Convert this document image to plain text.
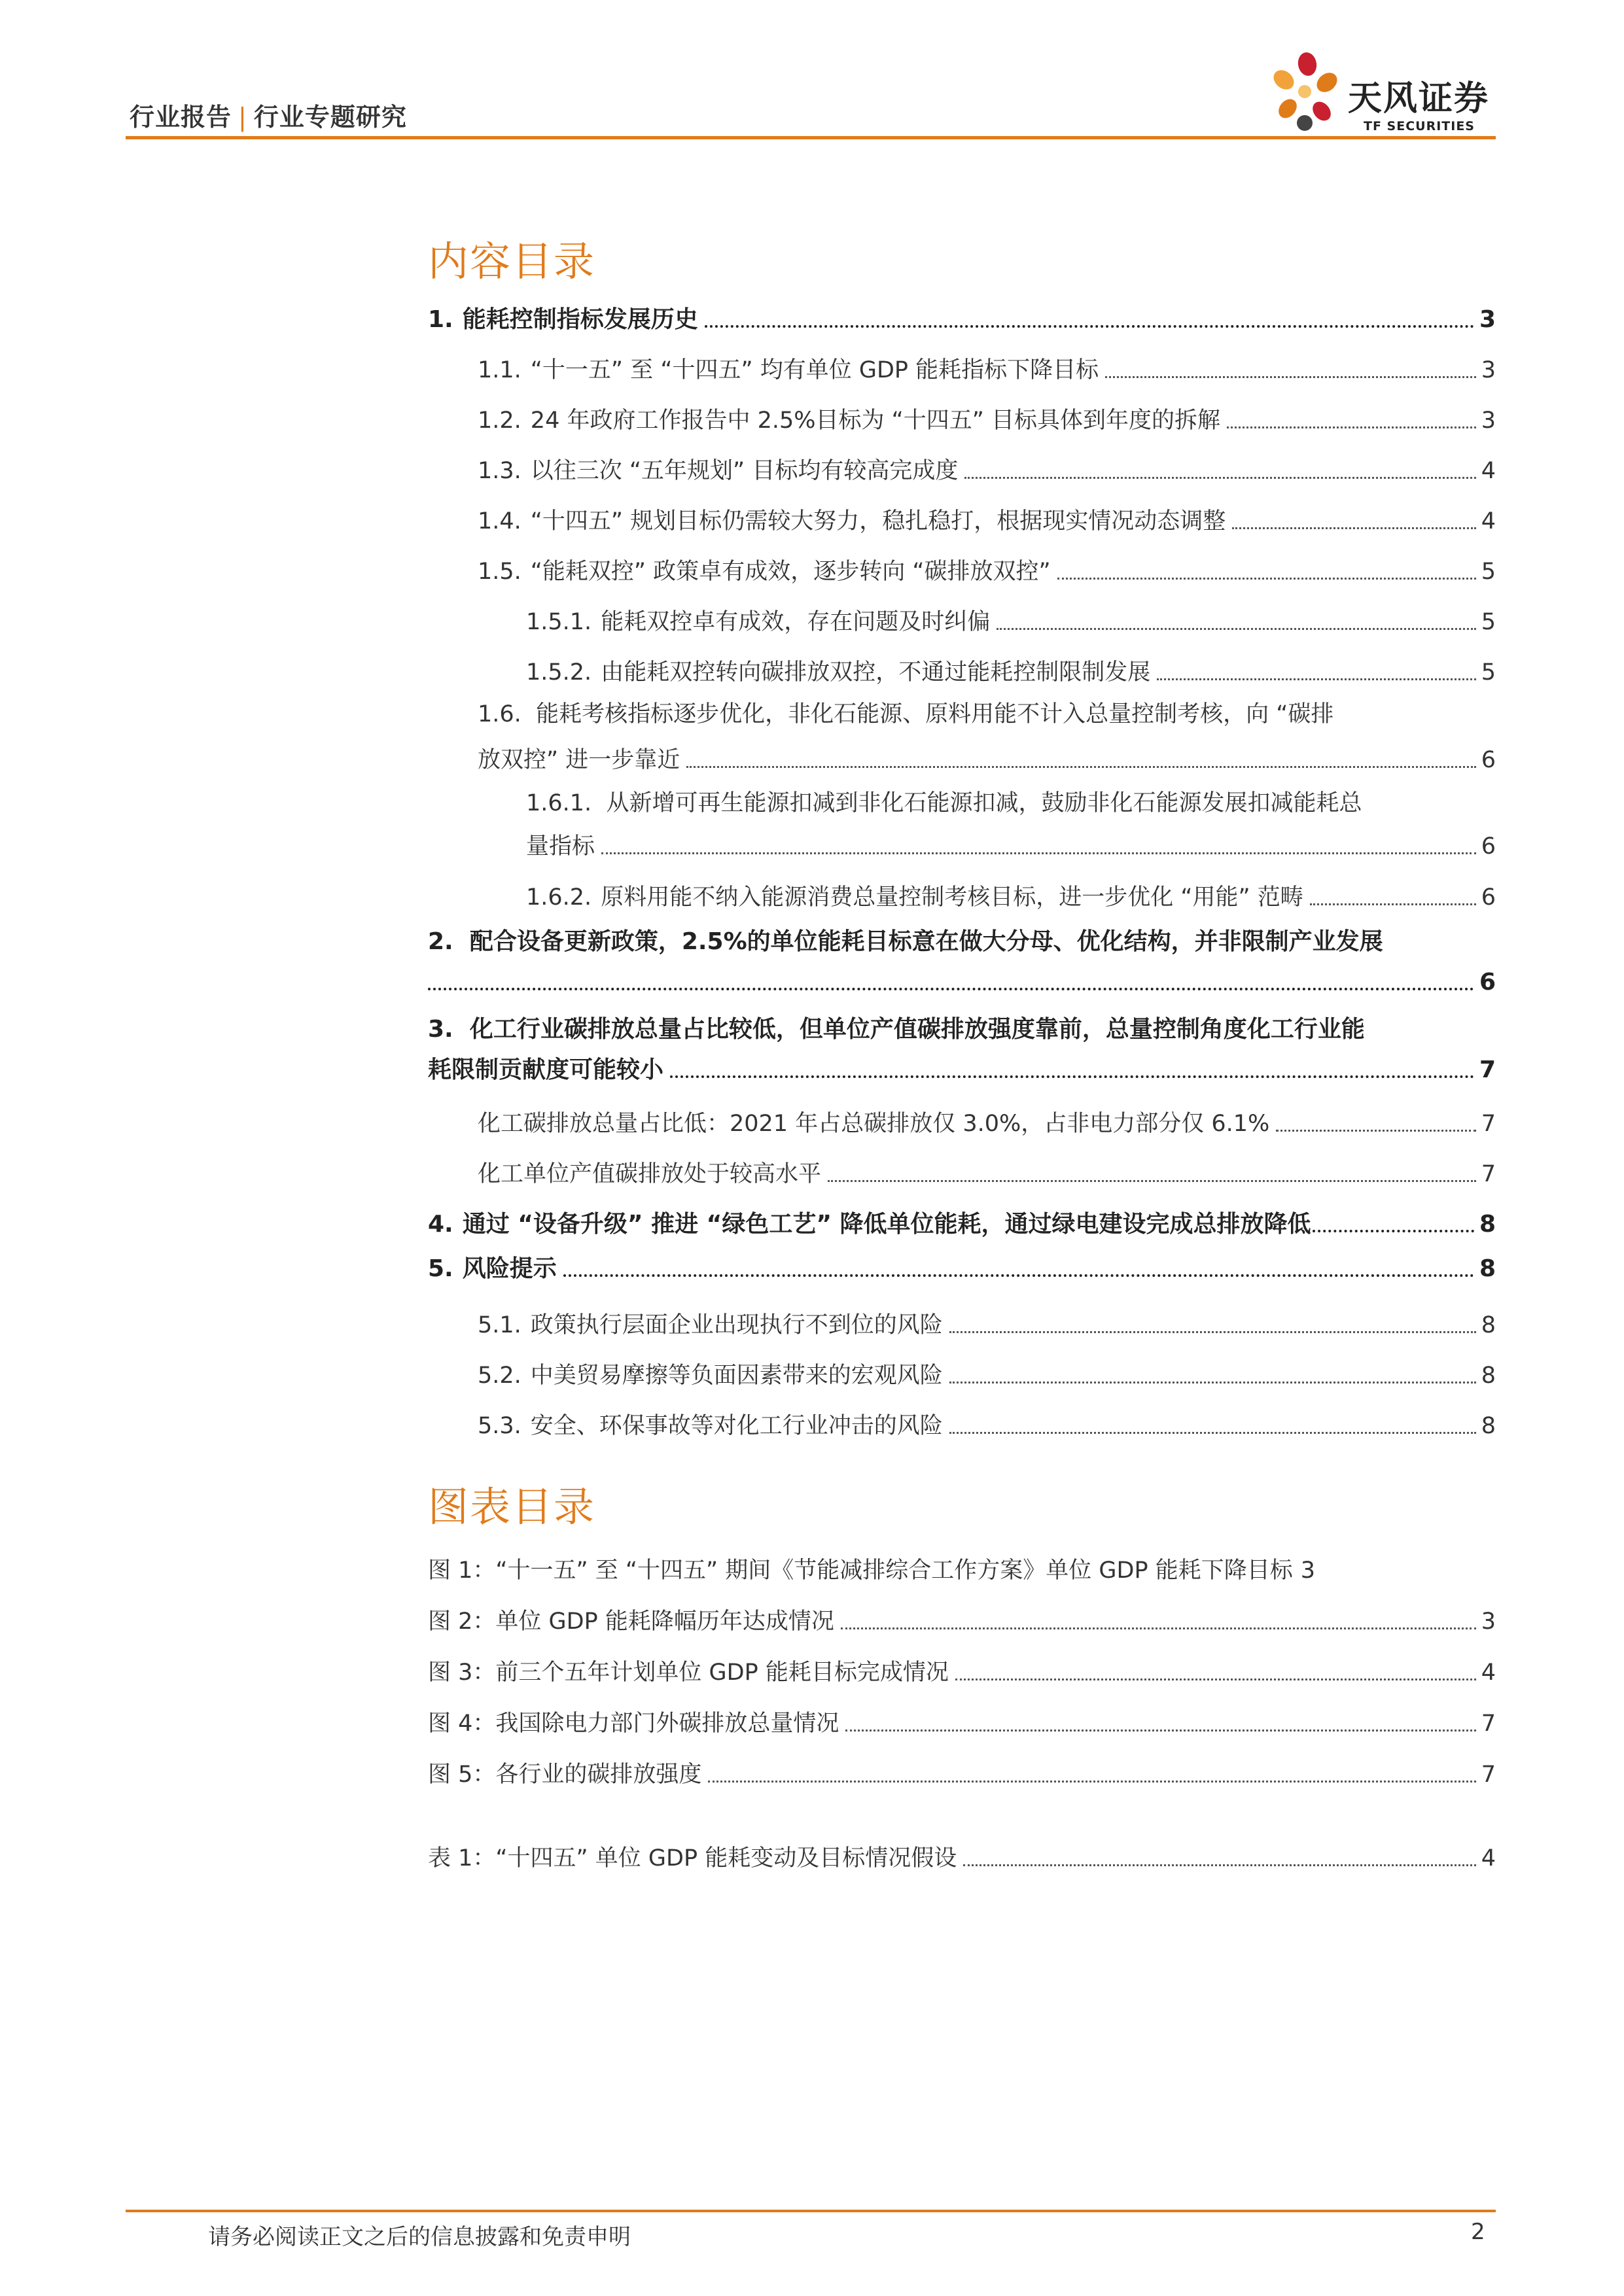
行业报告 | 行业专题研究	天风证券
TF SECURITIES
内容目录
1. 能耗控制指标发展历史	3
1.1. “十一五” 至 “十四五” 均有单位 GDP 能耗指标下降目标	3
1.2. 24 年政府工作报告中 2.5%目标为 “十四五” 目标具体到年度的拆解	3
1.3. 以往三次 “五年规划” 目标均有较高完成度	4
1.4. “十四五” 规划目标仍需较大努力，稳扎稳打，根据现实情况动态调整	4
1.5. “能耗双控” 政策卓有成效，逐步转向 “碳排放双控”	5
1.5.1. 能耗双控卓有成效，存在问题及时纠偏	5
1.5.2. 由能耗双控转向碳排放双控，不通过能耗控制限制发展	5
1.6. 能耗考核指标逐步优化，非化石能源、原料用能不计入总量控制考核，向 “碳排
放双控” 进一步靠近	6
1.6.1. 从新增可再生能源扣减到非化石能源扣减，鼓励非化石能源发展扣减能耗总
量指标	6
1.6.2. 原料用能不纳入能源消费总量控制考核目标，进一步优化 “用能” 范畴	6
2. 配合设备更新政策，2.5%的单位能耗目标意在做大分母、优化结构，并非限制产业发展
6
3. 化工行业碳排放总量占比较低，但单位产值碳排放强度靠前，总量控制角度化工行业能
耗限制贡献度可能较小	7
化工碳排放总量占比低：2021 年占总碳排放仅 3.0%，占非电力部分仅 6.1%	7
化工单位产值碳排放处于较高水平	7
4. 通过 “设备升级” 推进 “绿色工艺” 降低单位能耗，通过绿电建设完成总排放降低	8
5. 风险提示	8
5.1. 政策执行层面企业出现执行不到位的风险	8
5.2. 中美贸易摩擦等负面因素带来的宏观风险	8
5.3. 安全、环保事故等对化工行业冲击的风险	8
图表目录
图 1：“十一五” 至 “十四五” 期间《节能减排综合工作方案》单位 GDP 能耗下降目标 3
图 2：单位 GDP 能耗降幅历年达成情况	3
图 3：前三个五年计划单位 GDP 能耗目标完成情况	4
图 4：我国除电力部门外碳排放总量情况	7
图 5：各行业的碳排放强度	7
表 1：“十四五” 单位 GDP 能耗变动及目标情况假设	4
请务必阅读正文之后的信息披露和免责申明	2
